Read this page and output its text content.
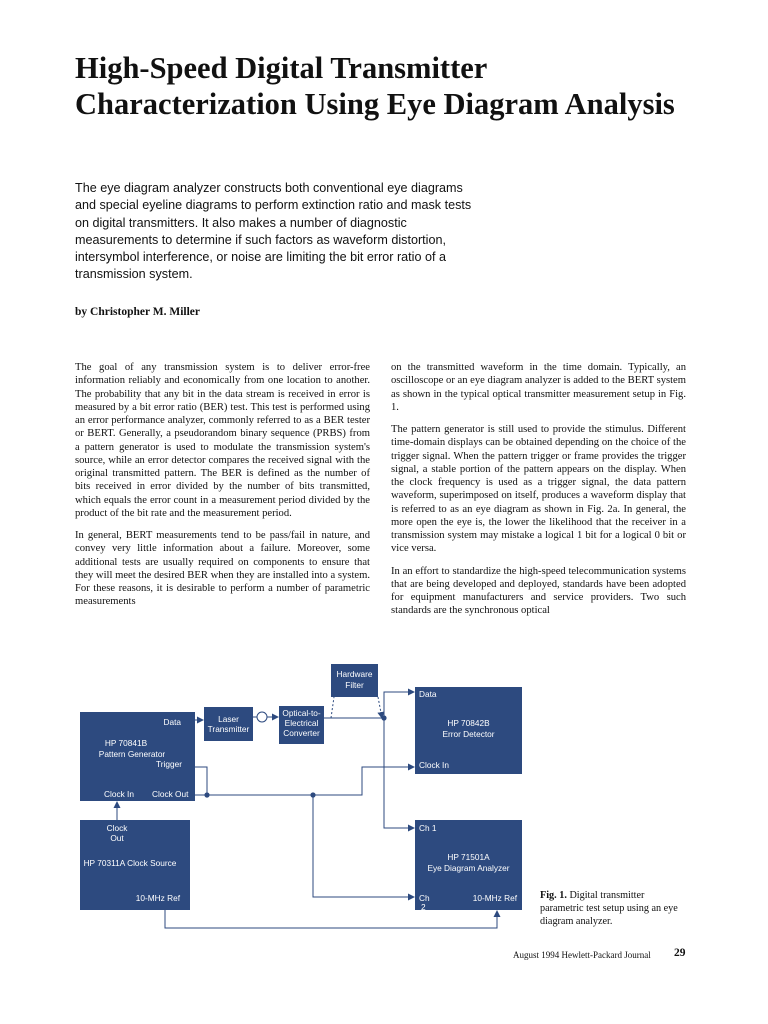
High-Speed Digital Transmitter Characterization Using Eye Diagram Analysis

The eye diagram analyzer constructs both conventional eye diagrams and special eyeline diagrams to perform extinction ratio and mask tests on digital transmitters. It also makes a number of diagnostic measurements to determine if such factors as waveform distortion, intersymbol interference, or noise are limiting the bit error ratio of a transmission system.

by Christopher M. Miller

The goal of any transmission system is to deliver error-free information reliably and economically from one location to another. The probability that any bit in the data stream is received in error is measured by a bit error ratio (BER) test. This test is performed using an error performance analyzer, commonly referred to as a BER tester or BERT. Generally, a pseudorandom binary sequence (PRBS) from a pattern generator is used to modulate the transmission system's source, while an error detector compares the received signal with the original transmitted pattern. The BER is defined as the number of bits received in error divided by the number of bits transmitted, which equals the error count in a measurement period divided by the product of the bit rate and the measurement period.

In general, BERT measurements tend to be pass/fail in nature, and convey very little information about a failure. Moreover, some additional tests are usually required on components to ensure that they will meet the desired BER when they are installed into a system. For these reasons, it is desirable to perform a number of parametric measurements

on the transmitted waveform in the time domain. Typically, an oscilloscope or an eye diagram analyzer is added to the BERT system as shown in the typical optical transmitter measurement setup in Fig. 1.

The pattern generator is still used to provide the stimulus. Different time-domain displays can be obtained depending on the choice of the trigger signal. When the pattern trigger or frame provides the trigger signal, a stable portion of the pattern appears on the display. When the clock frequency is used as a trigger signal, the data pattern waveform, superimposed on itself, produces a waveform display that is referred to as an eye diagram as shown in Fig. 2a. In general, the more open the eye is, the lower the likelihood that the receiver in a transmission system may mistake a logical 1 bit for a logical 0 bit or vice versa.

In an effort to standardize the high-speed telecommunication systems that are being developed and deployed, standards have been adopted for equipment manufacturers and service providers. Two such standards are the synchronous optical

Data
HP 70841B
Pattern Generator
Trigger
Clock In Clock Out
Clock
Out
HP 70311A Clock Source
10-MHz Ref
Laser
Transmitter
Optical-to-
Electrical
Converter
Hardware
Filter
Data
HP 70842B
Error Detector
Clock In
Ch 1
HP 71501A
Eye Diagram Analyzer
Ch
2
10-MHz Ref Fig. 1. Digital transmitter parametric test setup using an eye diagram analyzer.

August 1994 Hewlett-Packard Journal 29
